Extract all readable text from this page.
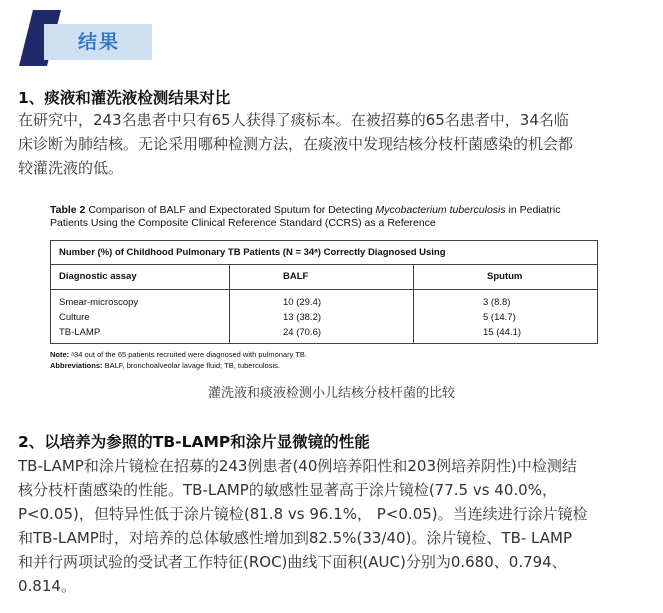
结果
1、痰液和灌洗液检测结果对比
在研究中，243名患者中只有65人获得了痰标本。在被招募的65名患者中，34名临
床诊断为肺结核。无论采用哪种检测方法，在痰液中发现结核分枝杆菌感染的机会都
较灌洗液的低。
Table 2 Comparison of BALF and Expectorated Sputum for Detecting Mycobacterium tuberculosis in Pediatric
Patients Using the Composite Clinical Reference Standard (CCRS) as a Reference
Number (%) of Childhood Pulmonary TB Patients (N = 34ᵃ) Correctly Diagnosed Using
Diagnostic assay	BALF	Sputum
Smear-microscopy	10 (29.4)	3 (8.8)
Culture	13 (38.2)	5 (14.7)
TB-LAMP	24 (70.6)	15 (44.1)
Note: ᵃ34 out of the 65 patients recruited were diagnosed with pulmonary TB.
Abbreviations: BALF, bronchoalveolar lavage fluid; TB, tuberculosis.
灌洗液和痰液检测小儿结核分枝杆菌的比较
2、以培养为参照的TB-LAMP和涂片显微镜的性能
TB-LAMP和涂片镜检在招募的243例患者(40例培养阳性和203例培养阴性)中检测结
核分枝杆菌感染的性能。TB-LAMP的敏感性显著高于涂片镜检(77.5 vs 40.0%，
P<0.05)，但特异性低于涂片镜检(81.8 vs 96.1%， P<0.05)。当连续进行涂片镜检
和TB-LAMP时，对培养的总体敏感性增加到82.5%(33/40)。涂片镜检、TB- LAMP
和并行两项试验的受试者工作特征(ROC)曲线下面积(AUC)分别为0.680、0.794、
0.814。
